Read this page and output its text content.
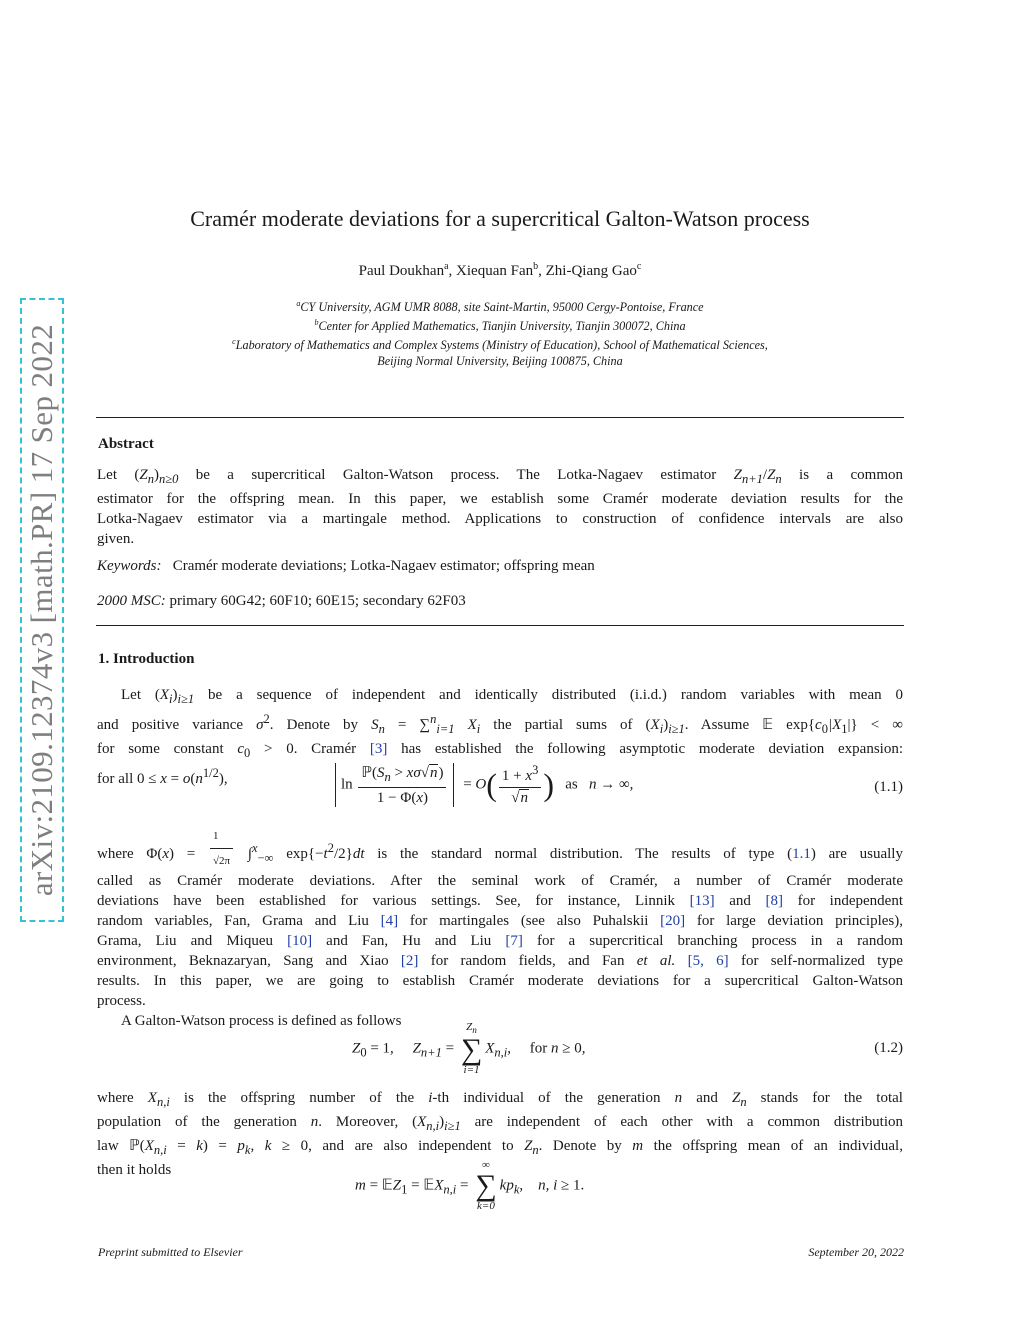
arXiv:2109.12374v3 [math.PR] 17 Sep 2022
Cramér moderate deviations for a supercritical Galton-Watson process
Paul Doukhan$^a$, Xiequan Fan$^b$, Zhi-Qiang Gao$^c$
$^a$CY University, AGM UMR 8088, site Saint-Martin, 95000 Cergy-Pontoise, France
$^b$Center for Applied Mathematics, Tianjin University, Tianjin 300072, China
$^c$Laboratory of Mathematics and Complex Systems (Ministry of Education), School of Mathematical Sciences,
Beijing Normal University, Beijing 100875, China
Abstract
Let $(Z_n)_{n\ge 0}$ be a supercritical Galton-Watson process. The Lotka-Nagaev estimator $Z_{n+1}/Z_n$ is a common
estimator for the offspring mean. In this paper, we establish some Cramér moderate deviation results for the
Lotka-Nagaev estimator via a martingale method. Applications to construction of confidence intervals are also
given.
Keywords: Cramér moderate deviations; Lotka-Nagaev estimator; offspring mean
2000 MSC: primary 60G42; 60F10; 60E15; secondary 62F03
1. Introduction
Let $(X_i)_{i\ge 1}$ be a sequence of independent and identically distributed (i.i.d.) random variables with mean 0
and positive variance $\sigma^2$. Denote by $S_n = \sum^n_{i=1}$ $X_i$ the partial sums of $(X_i)_{i\ge 1}$. Assume 𝔼 $\exp\{c_0|X_1|\}$ < ∞
for some constant $c_0 > 0$. Cramér [3] has established the following asymptotic moderate deviation expansion:
for all $0 \le x = o(n^{1/2})$,	$\ln \frac{ℙ(S_n > x\sigma√n)}{1 - \Phi(x)} = O( \frac{1 + x^3}{√n}$ ) as n → ∞,	(1.1)
where $\Phi(x) = \frac{1}{√2\pi} \int^x_{-\infty}$ $\exp\{-t^2/2\}dt$ is the standard normal distribution. The results of type (1.1) are usually
called as Cramér moderate deviations. After the seminal work of Cramér, a number of Cramér moderate
deviations have been established for various settings. See, for instance, Linnik [13] and [8] for independent
random variables, Fan, Grama and Liu [4] for martingales (see also Puhalskii [20] for large deviation principles),
Grama, Liu and Miqueu [10] and Fan, Hu and Liu [7] for a supercritical branching process in a random
environment, Beknazaryan, Sang and Xiao [2] for random fields, and Fan et al. [5, 6] for self-normalized type
results. In this paper, we are going to establish Cramér moderate deviations for a supercritical Galton-Watson
process.
A Galton-Watson process is defined as follows
$Z_0 = 1$, $Z_{n+1}$ =
$Z_n$
∑
i=1
$X_{n,i}$, for n ≥ 0,	(1.2)
where $X_{n,i}$ is the offspring number of the i-th individual of the generation n and $Z_n$ stands for the total
population of the generation n. Moreover, $(X_{n,i})_{i\ge 1}$ are independent of each other with a common distribution
law $ℙ(X_{n,i} = k) = p_k$, k ≥ 0, and are also independent to $Z_n$. Denote by m the offspring mean of an individual,
then it holds
m = 𝔼Z$_1$ = 𝔼X$_{n,i}$ =
∞
∑
k=0
$kp_k$, n, i ≥ 1.
Preprint submitted to Elsevier	September 20, 2022
